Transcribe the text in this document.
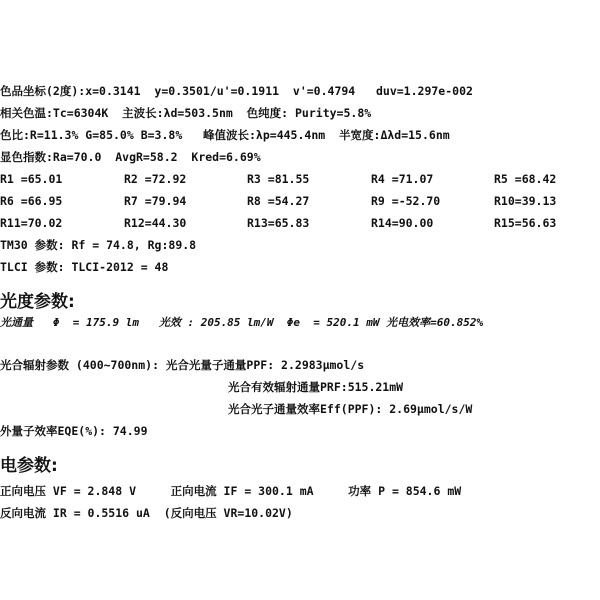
色品坐标(2度):x=0.3141  y=0.3501/u'=0.1911  v'=0.4794   duv=1.297e-002
相关色温:Tc=6304K  主波长:λd=503.5nm  色纯度: Purity=5.8%
色比:R=11.3% G=85.0% B=3.8%   峰值波长:λp=445.4nm  半宽度:Δλd=15.6nm
显色指数:Ra=70.0  AvgR=58.2  Kred=6.69%
R1 =65.01	R2 =72.92	R3 =81.55	R4 =71.07	R5 =68.42
R6 =66.95	R7 =79.94	R8 =54.27	R9 =-52.70	R10=39.13
R11=70.02	R12=44.30	R13=65.83	R14=90.00	R15=56.63
TM30 参数: Rf = 74.8, Rg:89.8
TLCI 参数: TLCI-2012 = 48
光度参数:
光通量   Φ  = 175.9 lm   光效 : 205.85 lm/W  Φe  = 520.1 mW 光电效率=60.852%
光合辐射参数 (400~700nm): 光合光量子通量PPF: 2.2983μmol/s
光合有效辐射通量PRF:515.21mW
光合光子通量效率Eff(PPF): 2.69μmol/s/W
外量子效率EQE(%): 74.99
电参数:
正向电压 VF = 2.848 V     正向电流 IF = 300.1 mA     功率 P = 854.6 mW
反向电流 IR = 0.5516 uA  (反向电压 VR=10.02V)
